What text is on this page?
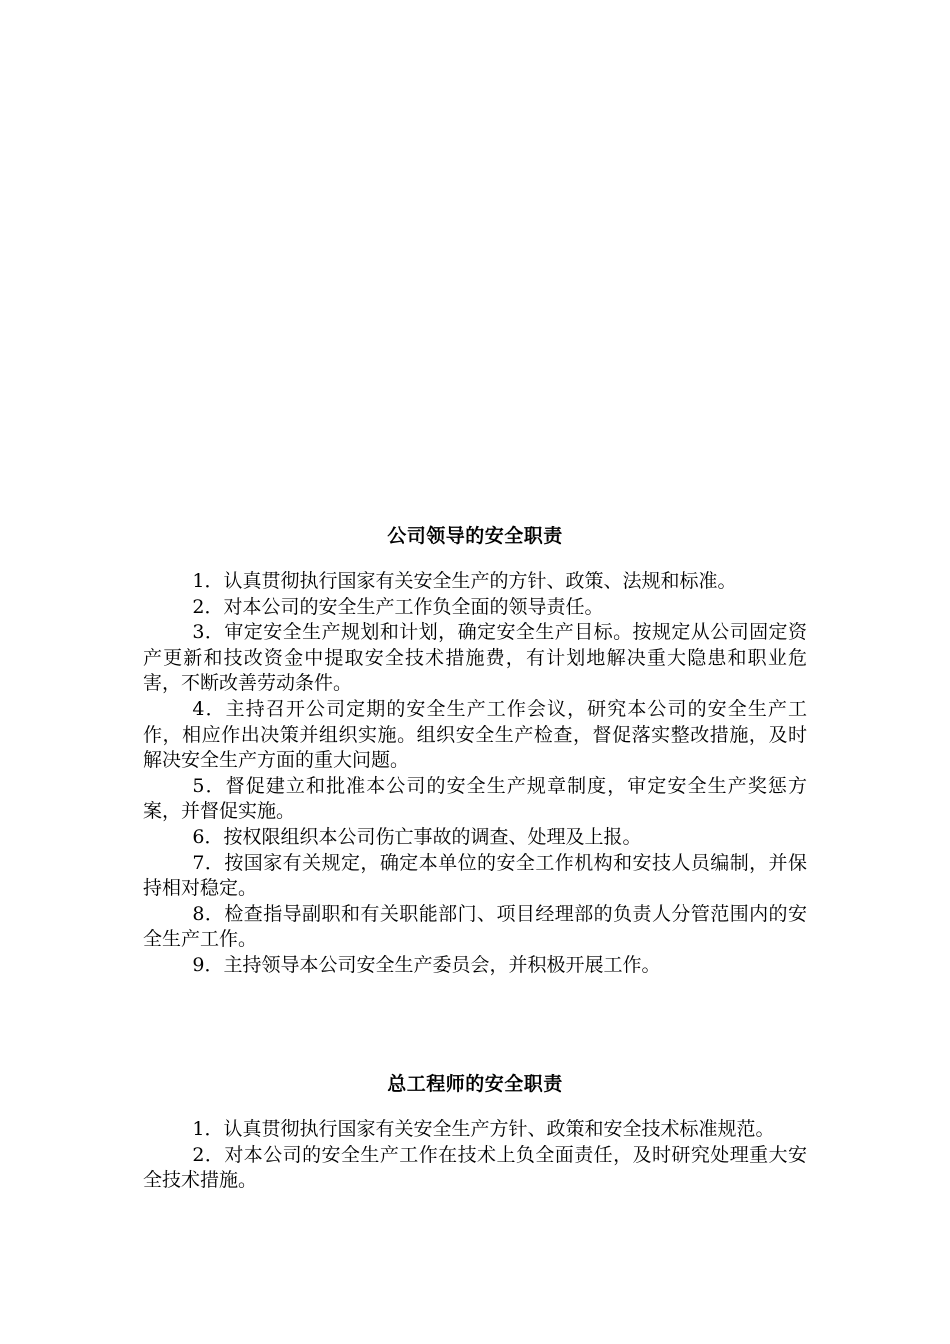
公司领导的安全职责

1．认真贯彻执行国家有关安全生产的方针、政策、法规和标准。

2．对本公司的安全生产工作负全面的领导责任。

3．审定安全生产规划和计划，确定安全生产目标。按规定从公司固定资产更新和技改资金中提取安全技术措施费，有计划地解决重大隐患和职业危害，不断改善劳动条件。

4．主持召开公司定期的安全生产工作会议，研究本公司的安全生产工作，相应作出决策并组织实施。组织安全生产检查，督促落实整改措施，及时解决安全生产方面的重大问题。

5．督促建立和批准本公司的安全生产规章制度，审定安全生产奖惩方案，并督促实施。

6．按权限组织本公司伤亡事故的调查、处理及上报。

7．按国家有关规定，确定本单位的安全工作机构和安技人员编制，并保持相对稳定。

8．检查指导副职和有关职能部门、项目经理部的负责人分管范围内的安全生产工作。

9．主持领导本公司安全生产委员会，并积极开展工作。

总工程师的安全职责

1．认真贯彻执行国家有关安全生产方针、政策和安全技术标准规范。

2．对本公司的安全生产工作在技术上负全面责任，及时研究处理重大安全技术措施。
